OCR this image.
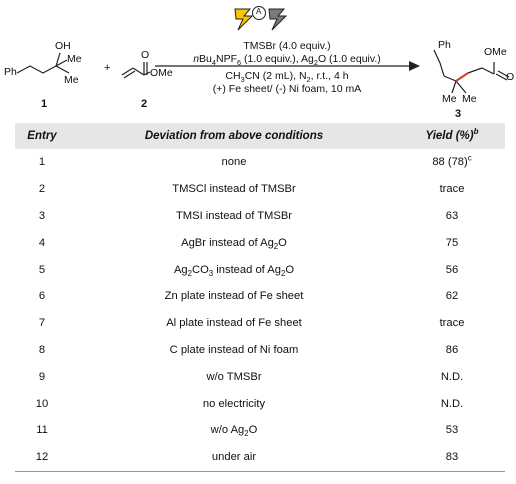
Ph
OH
Me
Me
1
+
O
OMe
2
A
TMSBr (4.0 equiv.)
$nBu_4NPF_6$ (1.0 equiv.), $Ag_2O$ (1.0 equiv.)
$CH_3CN$ (2 mL), $N_2$, r.t., 4 h
(+) Fe sheet/ (-) Ni foam, 10 mA
Ph
OMe
O
Me Me
3
Entry	Deviation from above conditions	Yield (%)$^b$
1	none	88 $(78)^c$
2	TMSCl instead of TMSBr	trace
3	TMSI instead of TMSBr	63
4	AgBr instead of $Ag_2O$	75
5	$Ag_2CO_3$ instead of $Ag_2O$	56
6	Zn plate instead of Fe sheet	62
7	Al plate instead of Fe sheet	trace
8	C plate instead of Ni foam	86
9	w/o TMSBr	N.D.
10	no electricity	N.D.
11	w/o $Ag_2O$	53
12	under air	83
